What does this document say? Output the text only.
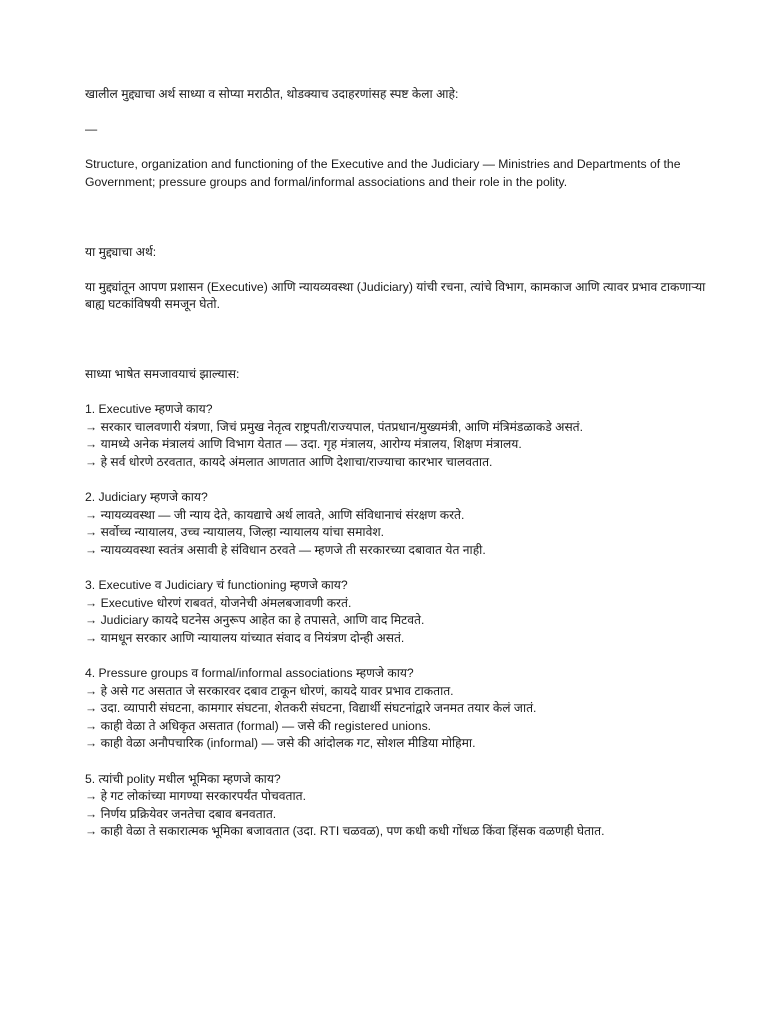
खालील मुद्द्याचा अर्थ साध्या व सोप्या मराठीत, थोडक्याच उदाहरणांसह स्पष्ट केला आहे:

—

Structure, organization and functioning of the Executive and the Judiciary — Ministries and Departments of the Government; pressure groups and formal/informal associations and their role in the polity.

या मुद्द्याचा अर्थ:

या मुद्द्यांतून आपण प्रशासन (Executive) आणि न्यायव्यवस्था (Judiciary) यांची रचना, त्यांचे विभाग, कामकाज आणि त्यावर प्रभाव टाकणाऱ्या बाह्य घटकांविषयी समजून घेतो.

साध्या भाषेत समजावयाचं झाल्यास:

1. Executive म्हणजे काय?

→ सरकार चालवणारी यंत्रणा, जिचं प्रमुख नेतृत्व राष्ट्रपती/राज्यपाल, पंतप्रधान/मुख्यमंत्री, आणि मंत्रिमंडळाकडे असतं.

→ यामध्ये अनेक मंत्रालयं आणि विभाग येतात — उदा. गृह मंत्रालय, आरोग्य मंत्रालय, शिक्षण मंत्रालय.

→ हे सर्व धोरणे ठरवतात, कायदे अंमलात आणतात आणि देशाचा/राज्याचा कारभार चालवतात.

2. Judiciary म्हणजे काय?

→ न्यायव्यवस्था — जी न्याय देते, कायद्याचे अर्थ लावते, आणि संविधानाचं संरक्षण करते.

→ सर्वोच्च न्यायालय, उच्च न्यायालय, जिल्हा न्यायालय यांचा समावेश.

→ न्यायव्यवस्था स्वतंत्र असावी हे संविधान ठरवते — म्हणजे ती सरकारच्या दबावात येत नाही.

3. Executive व Judiciary चं functioning म्हणजे काय?

→ Executive धोरणं राबवतं, योजनेची अंमलबजावणी करतं.

→ Judiciary कायदे घटनेस अनुरूप आहेत का हे तपासते, आणि वाद मिटवते.

→ यामधून सरकार आणि न्यायालय यांच्यात संवाद व नियंत्रण दोन्ही असतं.

4. Pressure groups व formal/informal associations म्हणजे काय?

→ हे असे गट असतात जे सरकारवर दबाव टाकून धोरणं, कायदे यावर प्रभाव टाकतात.

→ उदा. व्यापारी संघटना, कामगार संघटना, शेतकरी संघटना, विद्यार्थी संघटनांद्वारे जनमत तयार केलं जातं.

→ काही वेळा ते अधिकृत असतात (formal) — जसे की registered unions.

→ काही वेळा अनौपचारिक (informal) — जसे की आंदोलक गट, सोशल मीडिया मोहिमा.

5. त्यांची polity मधील भूमिका म्हणजे काय?

→ हे गट लोकांच्या मागण्या सरकारपर्यंत पोचवतात.

→ निर्णय प्रक्रियेवर जनतेचा दबाव बनवतात.

→ काही वेळा ते सकारात्मक भूमिका बजावतात (उदा. RTI चळवळ), पण कधी कधी गोंधळ किंवा हिंसक वळणही घेतात.
